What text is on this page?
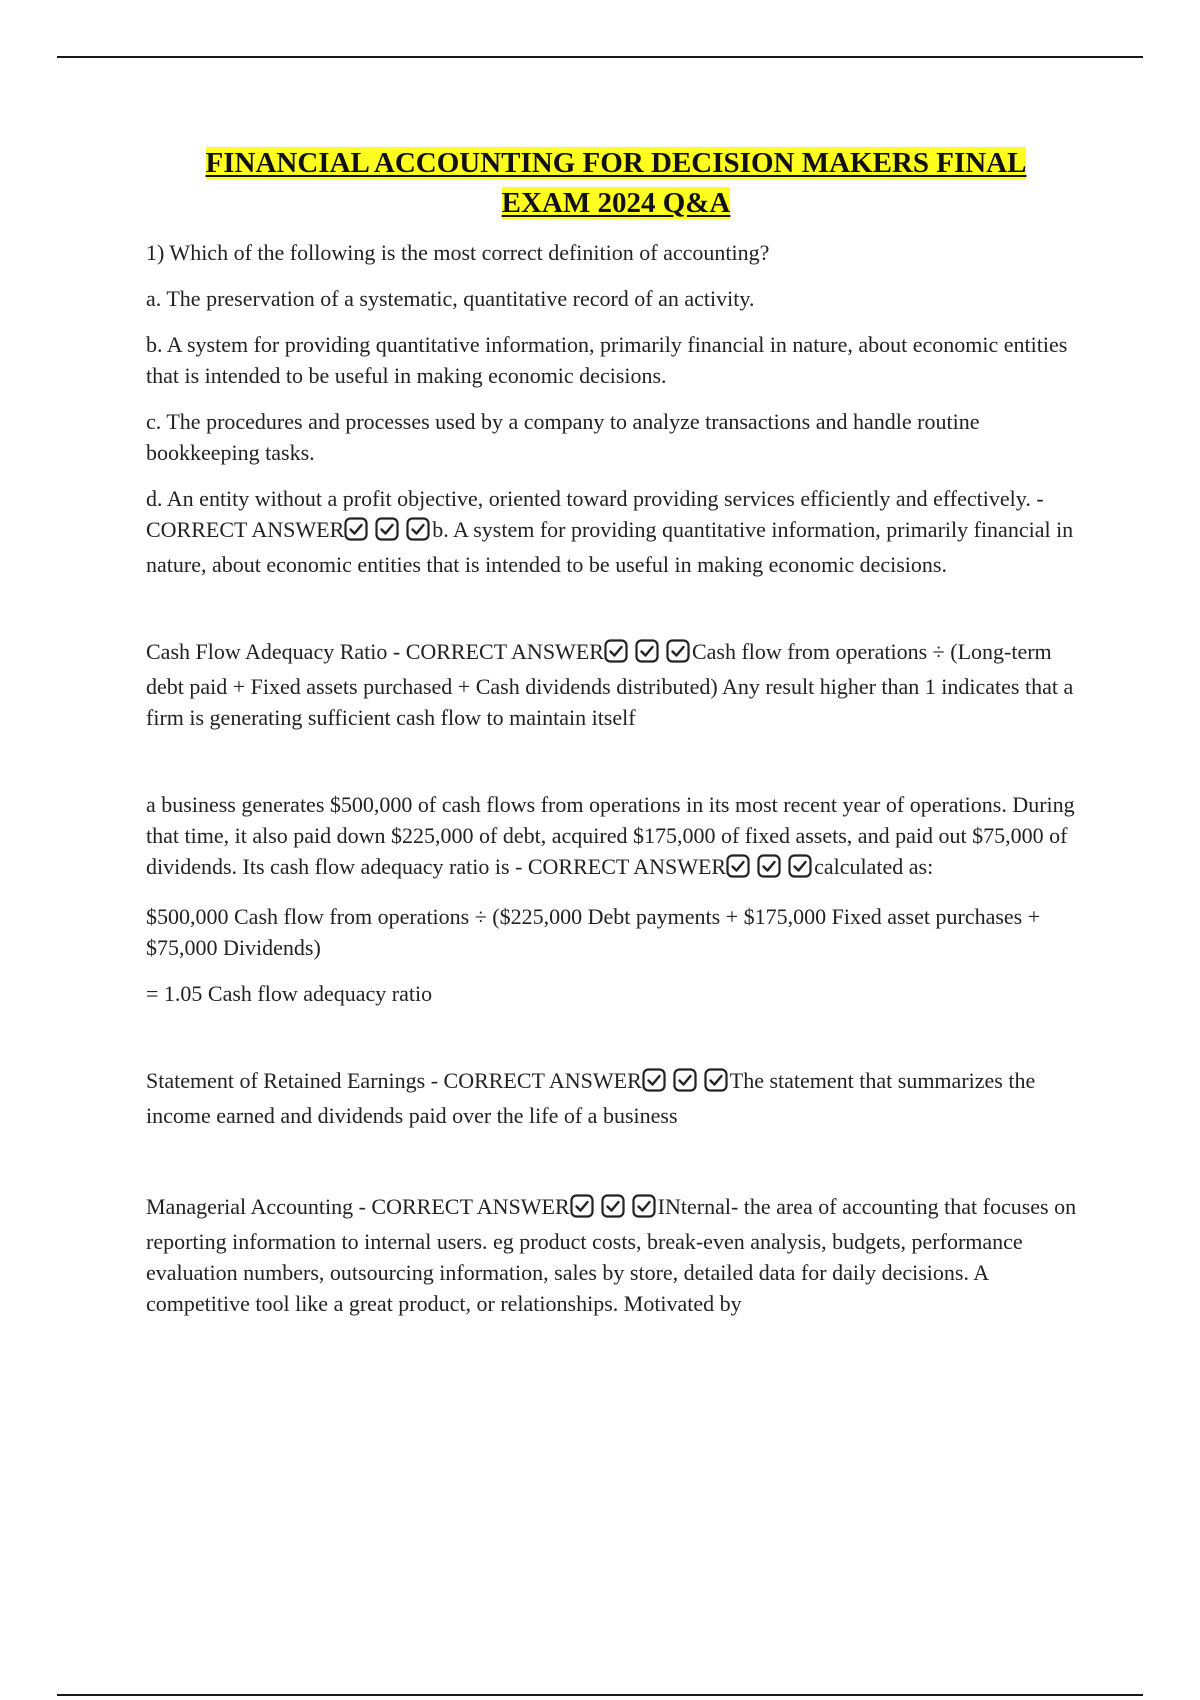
FINANCIAL ACCOUNTING FOR DECISION MAKERS FINAL
EXAM 2024 Q&A

1) Which of the following is the most correct definition of accounting?

a. The preservation of a systematic, quantitative record of an activity.

b. A system for providing quantitative information, primarily financial in nature, about economic entities that is intended to be useful in making economic decisions.

c. The procedures and processes used by a company to analyze transactions and handle routine bookkeeping tasks.

d. An entity without a profit objective, oriented toward providing services efficiently and effectively. - CORRECT ANSWER	b. A system for providing quantitative information, primarily financial in nature, about economic entities that is intended to be useful in making economic decisions.

Cash Flow Adequacy Ratio - CORRECT ANSWER	Cash flow from operations ÷ (Long-term debt paid + Fixed assets purchased + Cash dividends distributed) Any result higher than 1 indicates that a firm is generating sufficient cash flow to maintain itself

a business generates $500,000 of cash flows from operations in its most recent year of operations. During that time, it also paid down $225,000 of debt, acquired $175,000 of fixed assets, and paid out $75,000 of dividends. Its cash flow adequacy ratio is - CORRECT ANSWER	calculated as:

$500,000 Cash flow from operations ÷ ($225,000 Debt payments + $175,000 Fixed asset purchases + $75,000 Dividends)

= 1.05 Cash flow adequacy ratio

Statement of Retained Earnings - CORRECT ANSWER	The statement that summarizes the income earned and dividends paid over the life of a business

Managerial Accounting - CORRECT ANSWER	INternal- the area of accounting that focuses on reporting information to internal users. eg product costs, break-even analysis, budgets, performance evaluation numbers, outsourcing information, sales by store, detailed data for daily decisions. A competitive tool like a great product, or relationships. Motivated by
